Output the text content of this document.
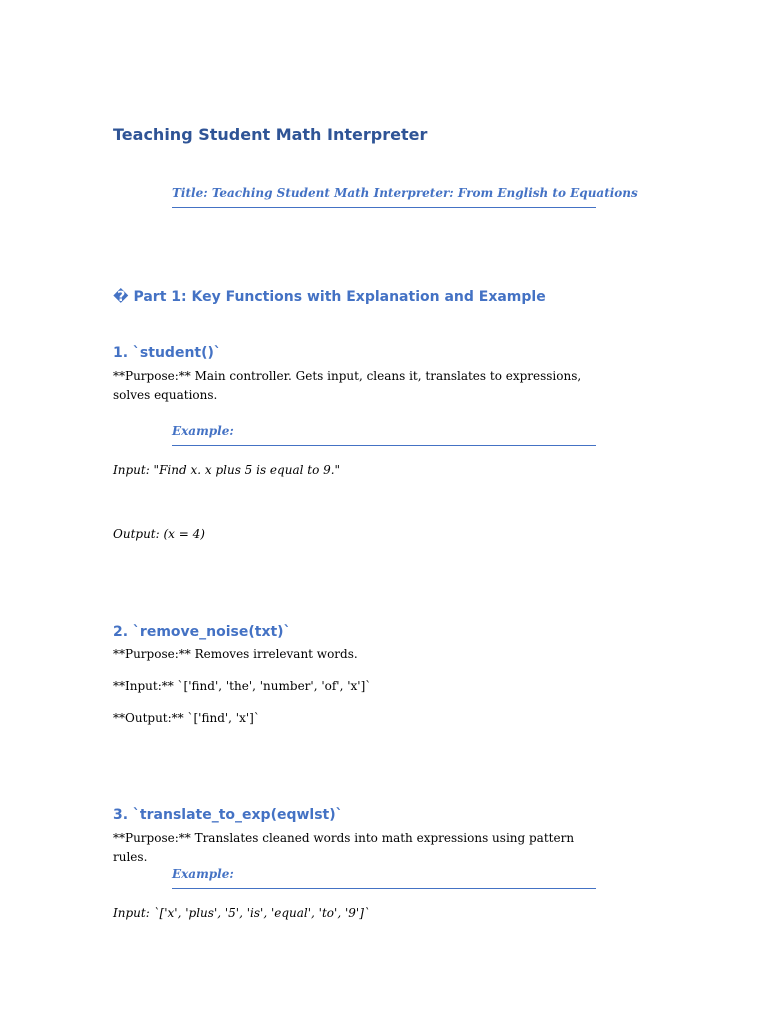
Teaching Student Math Interpreter
Title: Teaching Student Math Interpreter: From English to Equations
� Part 1: Key Functions with Explanation and Example
1. `student()`

**Purpose:** Main controller. Gets input, cleans it, translates to expressions, solves equations.

Example:

Input: "Find x. x plus 5 is equal to 9."

Output: (x = 4)

2. `remove_noise(txt)`

**Purpose:** Removes irrelevant words.

**Input:** `['find', 'the', 'number', 'of', 'x']`

**Output:** `['find', 'x']`

3. `translate_to_exp(eqwlst)`

**Purpose:** Translates cleaned words into math expressions using pattern rules.

Example:

Input: `['x', 'plus', '5', 'is', 'equal', 'to', '9']`
